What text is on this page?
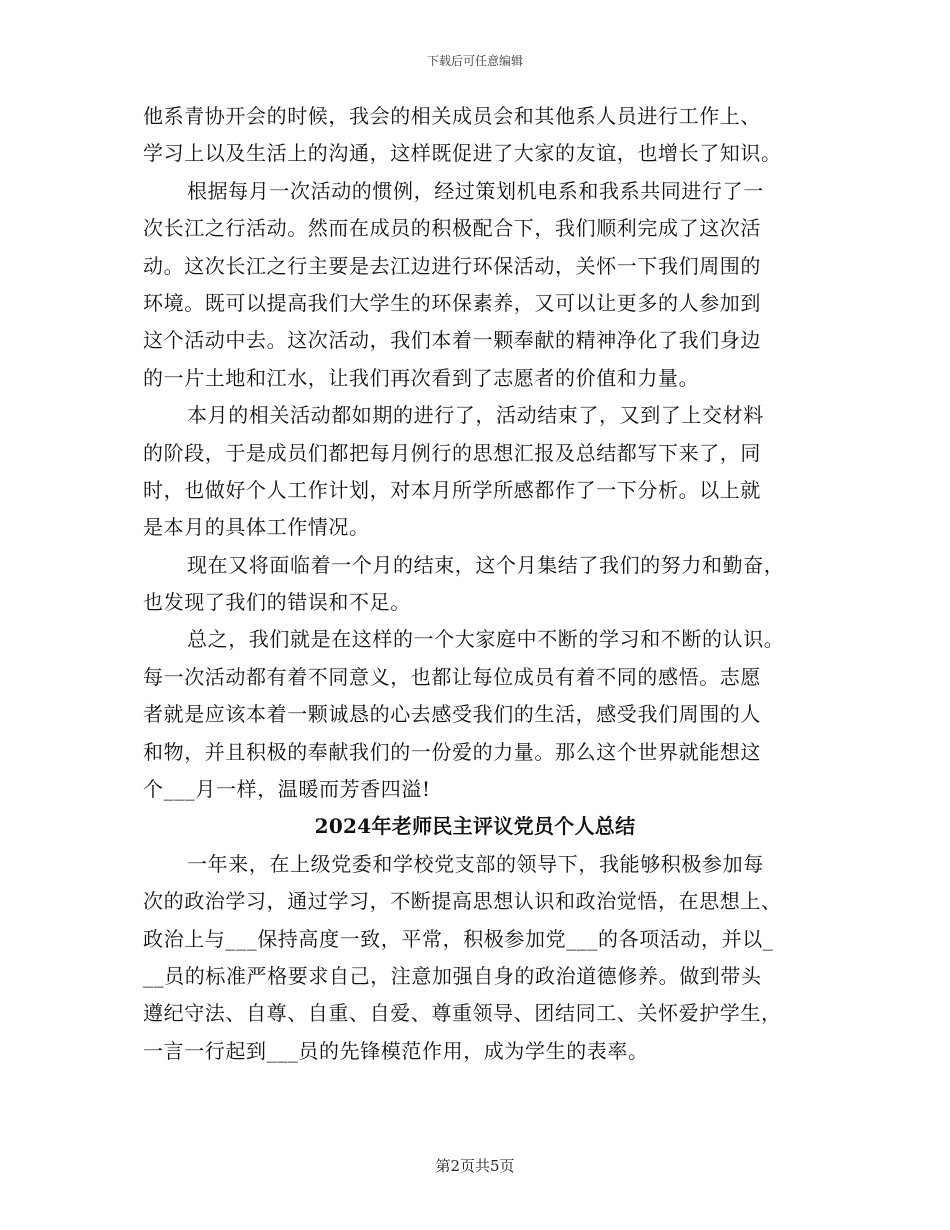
下载后可任意编辑
他系青协开会的时候，我会的相关成员会和其他系人员进行工作上、
学习上以及生活上的沟通，这样既促进了大家的友谊，也增长了知识。
根据每月一次活动的惯例，经过策划机电系和我系共同进行了一
次长江之行活动。然而在成员的积极配合下，我们顺利完成了这次活
动。这次长江之行主要是去江边进行环保活动，关怀一下我们周围的
环境。既可以提高我们大学生的环保素养，又可以让更多的人参加到
这个活动中去。这次活动，我们本着一颗奉献的精神净化了我们身边
的一片土地和江水，让我们再次看到了志愿者的价值和力量。
本月的相关活动都如期的进行了，活动结束了，又到了上交材料
的阶段，于是成员们都把每月例行的思想汇报及总结都写下来了，同
时，也做好个人工作计划，对本月所学所感都作了一下分析。以上就
是本月的具体工作情况。
现在又将面临着一个月的结束，这个月集结了我们的努力和勤奋，
也发现了我们的错误和不足。
总之，我们就是在这样的一个大家庭中不断的学习和不断的认识。
每一次活动都有着不同意义，也都让每位成员有着不同的感悟。志愿
者就是应该本着一颗诚恳的心去感受我们的生活，感受我们周围的人
和物，并且积极的奉献我们的一份爱的力量。那么这个世界就能想这
个___月一样，温暖而芳香四溢!
2024年老师民主评议党员个人总结
一年来，在上级党委和学校党支部的领导下，我能够积极参加每
次的政治学习，通过学习，不断提高思想认识和政治觉悟，在思想上、
政治上与___保持高度一致，平常，积极参加党___的各项活动，并以_
__员的标准严格要求自己，注意加强自身的政治道德修养。做到带头
遵纪守法、自尊、自重、自爱、尊重领导、团结同工、关怀爱护学生，
一言一行起到___员的先锋模范作用，成为学生的表率。
第2页共5页
